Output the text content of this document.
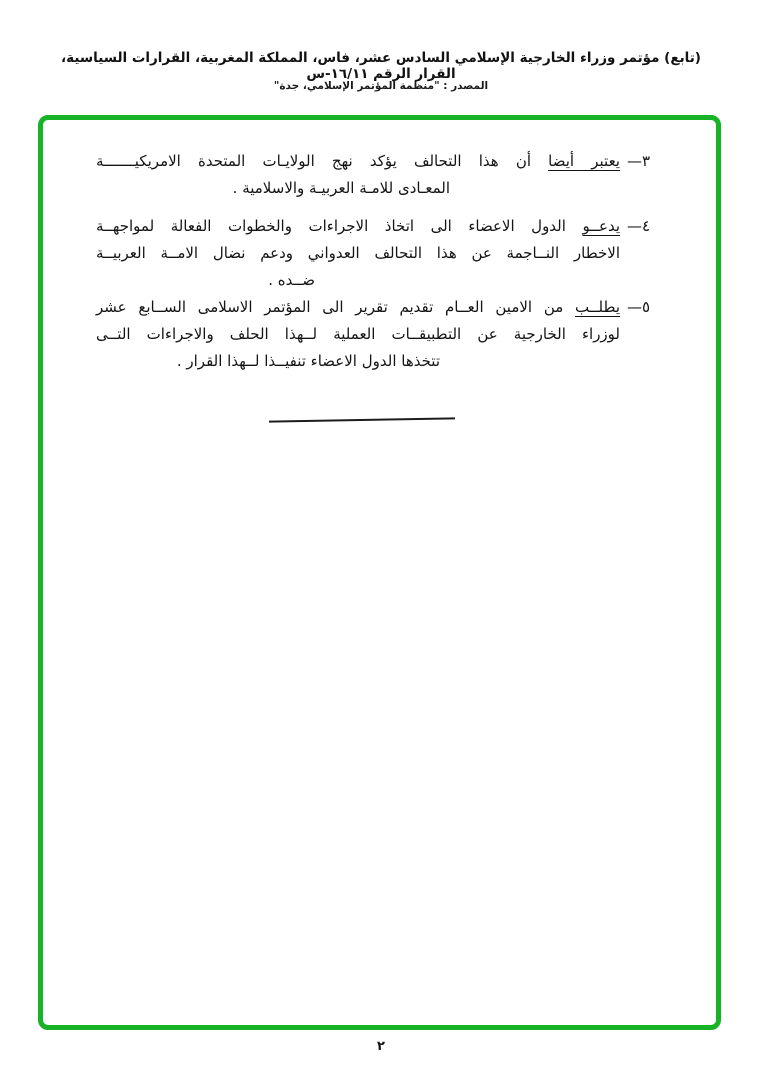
(تابع) مؤتمر وزراء الخارجية الإسلامي السادس عشر، فاس، المملكة المغربية، القرارات السياسية، القرار الرقم ١٦/١١-س
المصدر : "منظمة المؤتمر الإسلامي، جدة"
٣—
يعتبر أيضا أن هذا التحالف يؤكد نهج الولايـات المتحدة الامريكيـــــــة
المعـادى للامـة العربيـة والاسلامية .
٤—
يدعــو الدول الاعضاء الى اتخاذ الاجراءات والخطوات الفعالة لمواجهــة
الاخطار النــاجمة عن هذا التحالف العدواني ودعم نضال الامــة العربيــة
ضــده .
٥—
يطلــب من الامين العــام تقديم تقرير الى المؤتمر الاسلامى الســابع عشر
لوزراء الخارجية عن التطبيقــات العملية لــهذا الحلف والاجراءات التــى
تتخذها الدول الاعضاء تنفيــذا لــهذا القرار .
٢
